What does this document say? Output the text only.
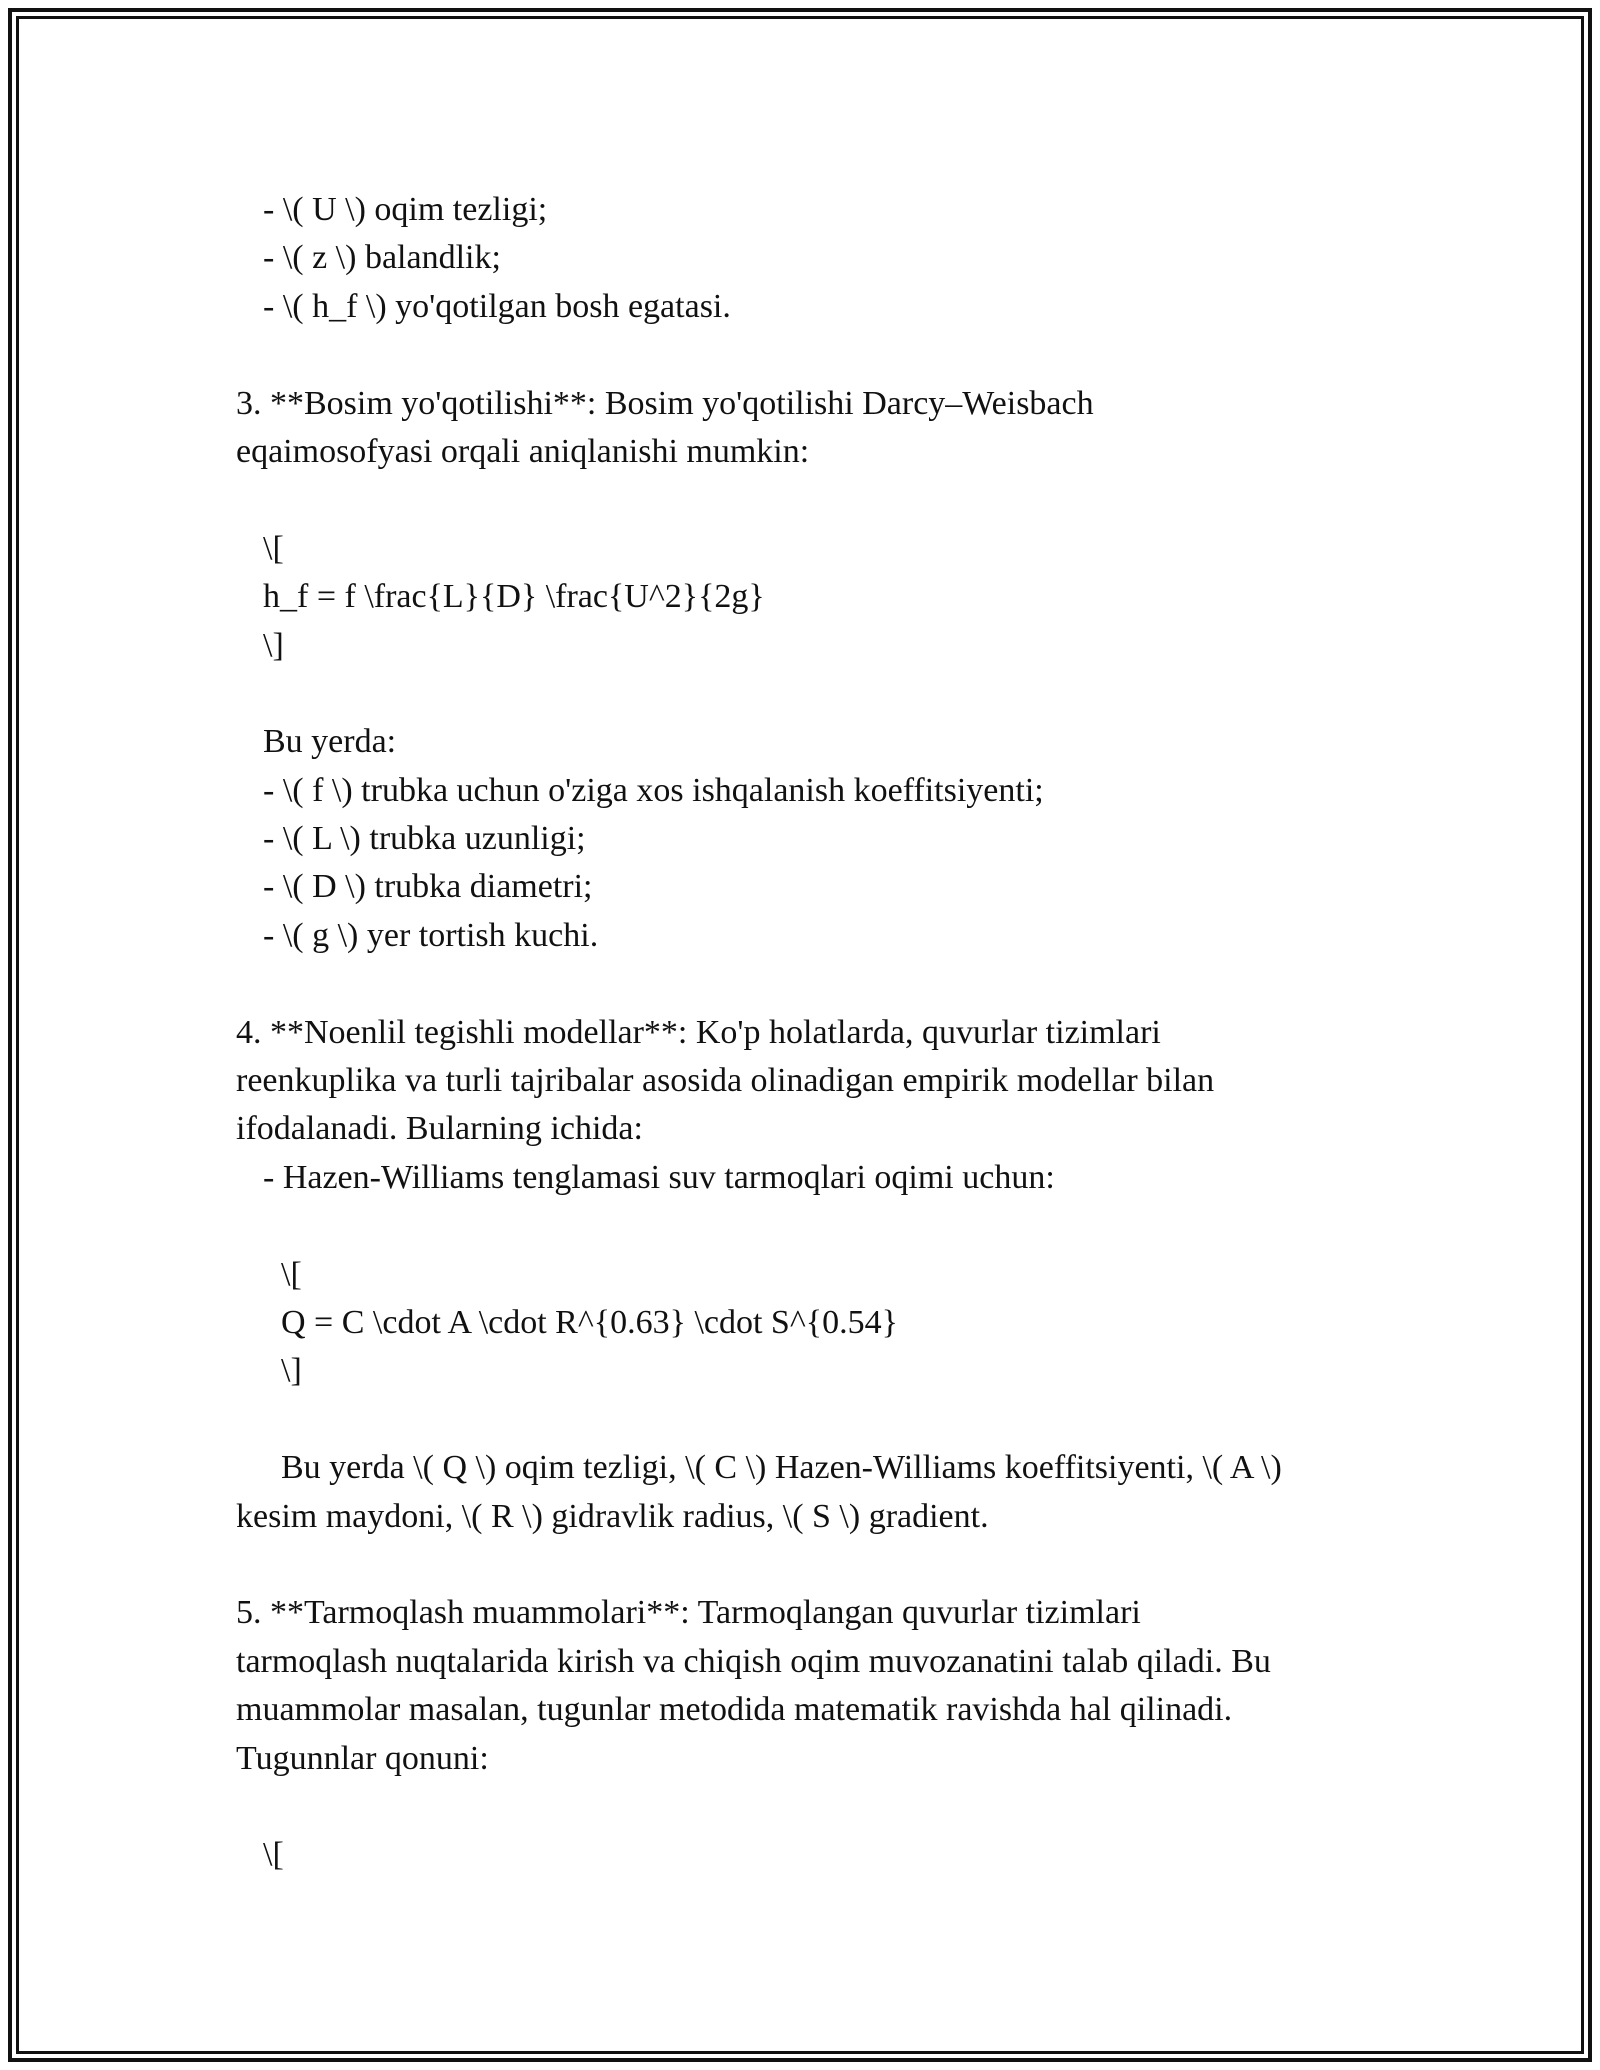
- \( U \) oqim tezligi;
- \( z \) balandlik;
- \( h_f \) yo'qotilgan bosh egatasi.
3. **Bosim yo'qotilishi**: Bosim yo'qotilishi Darcy–Weisbach
eqaimosofyasi orqali aniqlanishi mumkin:
\[
h_f = f \frac{L}{D} \frac{U^2}{2g}
\]
Bu yerda:
- \( f \) trubka uchun o'ziga xos ishqalanish koeffitsiyenti;
- \( L \) trubka uzunligi;
- \( D \) trubka diametri;
- \( g \) yer tortish kuchi.
4. **Noenlil tegishli modellar**: Ko'p holatlarda, quvurlar tizimlari
reenkuplika va turli tajribalar asosida olinadigan empirik modellar bilan
ifodalanadi. Bularning ichida:
- Hazen-Williams tenglamasi suv tarmoqlari oqimi uchun:
\[
Q = C \cdot A \cdot R^{0.63} \cdot S^{0.54}
\]
Bu yerda \( Q \) oqim tezligi, \( C \) Hazen-Williams koeffitsiyenti, \( A \)
kesim maydoni, \( R \) gidravlik radius, \( S \) gradient.
5. **Tarmoqlash muammolari**: Tarmoqlangan quvurlar tizimlari
tarmoqlash nuqtalarida kirish va chiqish oqim muvozanatini talab qiladi. Bu
muammolar masalan, tugunlar metodida matematik ravishda hal qilinadi.
Tugunnlar qonuni:
\[
